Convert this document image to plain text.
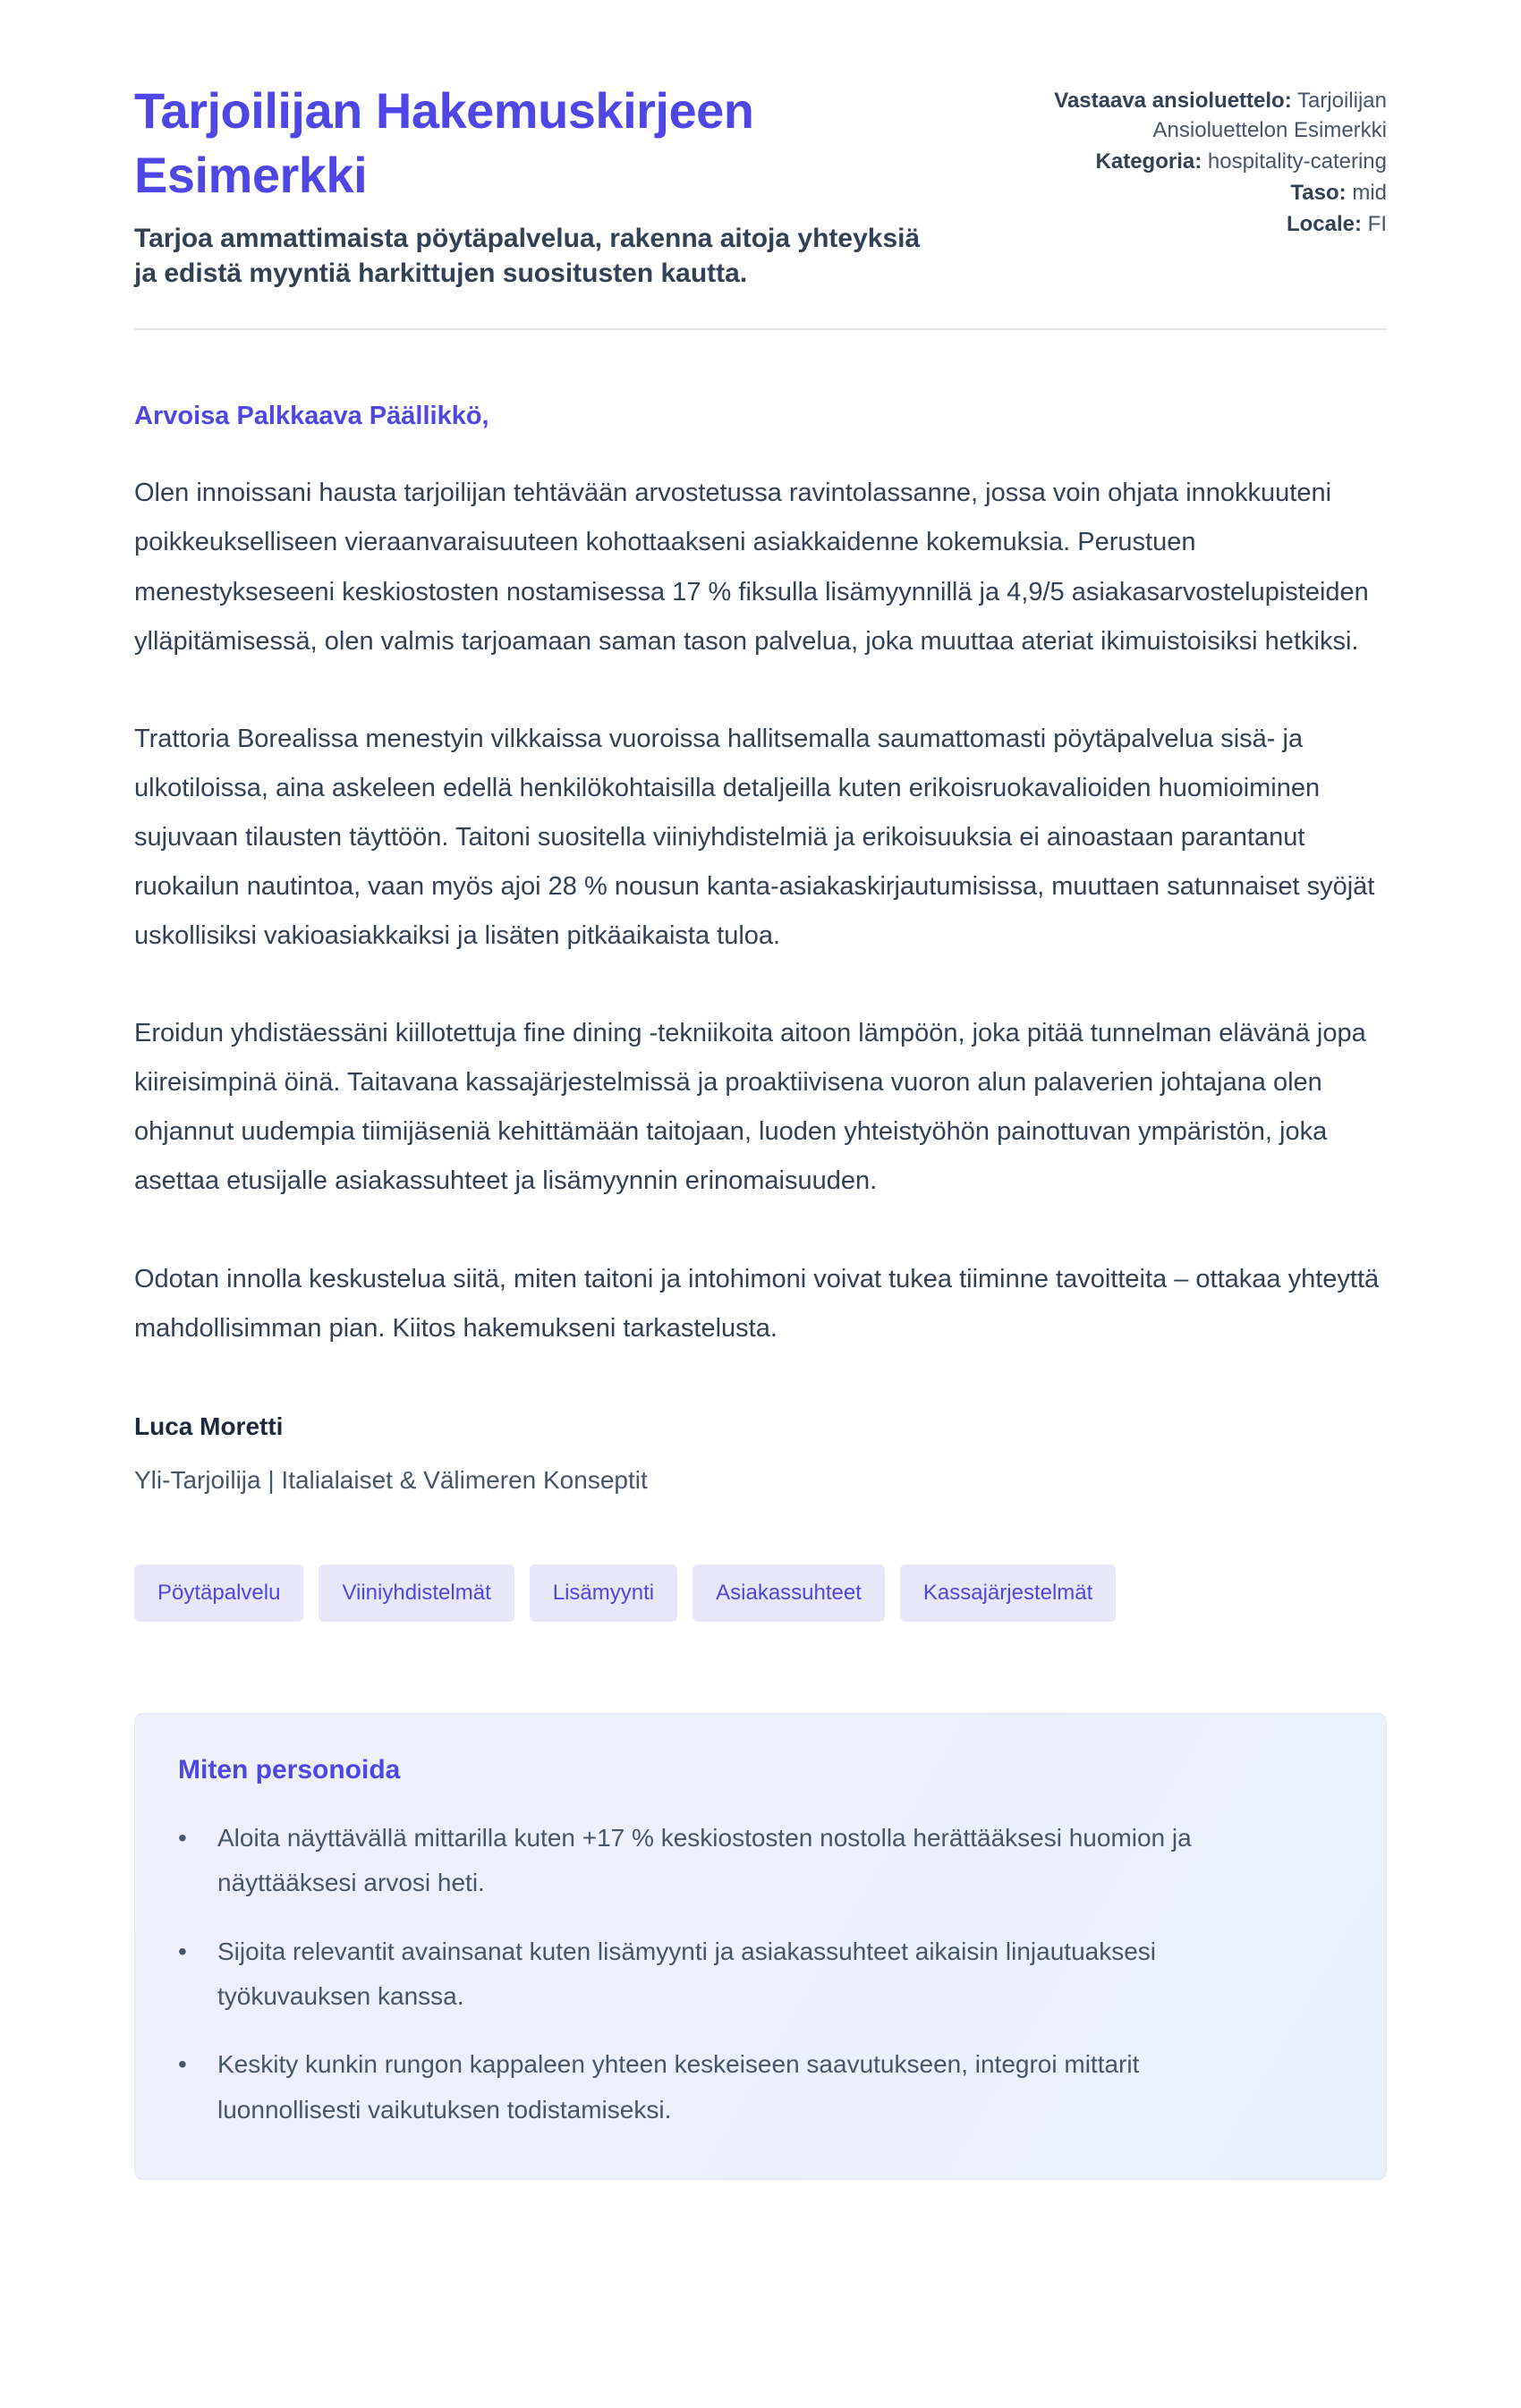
Tarjoilijan Hakemuskirjeen Esimerkki

Tarjoa ammattimaista pöytäpalvelua, rakenna aitoja yhteyksiä ja edistä myyntiä harkittujen suositusten kautta.

Vastaava ansioluettelo: Tarjoilijan Ansioluettelon Esimerkki
Kategoria: hospitality-catering
Taso: mid
Locale: FI

Arvoisa Palkkaava Päällikkö,

Olen innoissani hausta tarjoilijan tehtävään arvostetussa ravintolassanne, jossa voin ohjata innokkuuteni poikkeukselliseen vieraanvaraisuuteen kohottaakseni asiakkaidenne kokemuksia. Perustuen menestykseseeni keskiostosten nostamisessa 17 % fiksulla lisämyynnillä ja 4,9/5 asiakasarvostelupisteiden ylläpitämisessä, olen valmis tarjoamaan saman tason palvelua, joka muuttaa ateriat ikimuistoisiksi hetkiksi.

Trattoria Borealissa menestyin vilkkaissa vuoroissa hallitsemalla saumattomasti pöytäpalvelua sisä- ja ulkotiloissa, aina askeleen edellä henkilökohtaisilla detaljeilla kuten erikoisruokavalioiden huomioiminen sujuvaan tilausten täyttöön. Taitoni suositella viiniyhdistelmiä ja erikoisuuksia ei ainoastaan parantanut ruokailun nautintoa, vaan myös ajoi 28 % nousun kanta-asiakaskirjautumisissa, muuttaen satunnaiset syöjät uskollisiksi vakioasiakkaiksi ja lisäten pitkäaikaista tuloa.

Eroidun yhdistäessäni kiillotettuja fine dining -tekniikoita aitoon lämpöön, joka pitää tunnelman elävänä jopa kiireisimpinä öinä. Taitavana kassajärjestelmissä ja proaktiivisena vuoron alun palaverien johtajana olen ohjannut uudempia tiimijäseniä kehittämään taitojaan, luoden yhteistyöhön painottuvan ympäristön, joka asettaa etusijalle asiakassuhteet ja lisämyynnin erinomaisuuden.

Odotan innolla keskustelua siitä, miten taitoni ja intohimoni voivat tukea tiiminne tavoitteita – ottakaa yhteyttä mahdollisimman pian. Kiitos hakemukseni tarkastelusta.

Luca Moretti

Yli-Tarjoilija | Italialaiset & Välimeren Konseptit

Pöytäpalvelu	Viiniyhdistelmät	Lisämyynti	Asiakassuhteet	Kassajärjestelmät
Miten personoida
•	Aloita näyttävällä mittarilla kuten +17 % keskiostosten nostolla herättääksesi huomion ja näyttääksesi arvosi heti.
•	Sijoita relevantit avainsanat kuten lisämyynti ja asiakassuhteet aikaisin linjautuaksesi työkuvauksen kanssa.
•	Keskity kunkin rungon kappaleen yhteen keskeiseen saavutukseen, integroi mittarit luonnollisesti vaikutuksen todistamiseksi.
